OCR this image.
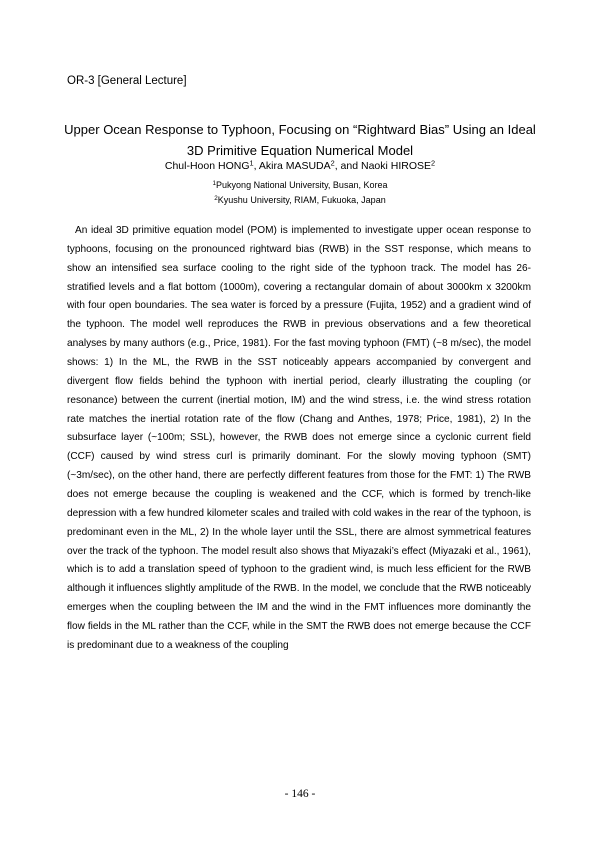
OR-3 [General Lecture]
Upper Ocean Response to Typhoon, Focusing on “Rightward Bias” Using an Ideal
3D Primitive Equation Numerical Model
Chul-Hoon HONG$^1$, Akira MASUDA$^2$, and Naoki HIROSE$^2$
$^1$Pukyong National University, Busan, Korea
$^2$Kyushu University, RIAM, Fukuoka, Japan

An ideal 3D primitive equation model (POM) is implemented to investigate upper ocean response to typhoons, focusing on the pronounced rightward bias (RWB) in the SST response, which means to show an intensified sea surface cooling to the right side of the typhoon track. The model has 26-stratified levels and a flat bottom (1000m), covering a rectangular domain of about 3000km x 3200km with four open boundaries. The sea water is forced by a pressure (Fujita, 1952) and a gradient wind of the typhoon. The model well reproduces the RWB in previous observations and a few theoretical analyses by many authors (e.g., Price, 1981). For the fast moving typhoon (FMT) (~8 m/sec), the model shows: 1) In the ML, the RWB in the SST noticeably appears accompanied by convergent and divergent flow fields behind the typhoon with inertial period, clearly illustrating the coupling (or resonance) between the current (inertial motion, IM) and the wind stress, i.e. the wind stress rotation rate matches the inertial rotation rate of the flow (Chang and Anthes, 1978; Price, 1981), 2) In the subsurface layer (~100m; SSL), however, the RWB does not emerge since a cyclonic current field (CCF) caused by wind stress curl is primarily dominant. For the slowly moving typhoon (SMT) (~3m/sec), on the other hand, there are perfectly different features from those for the FMT: 1) The RWB does not emerge because the coupling is weakened and the CCF, which is formed by trench-like depression with a few hundred kilometer scales and trailed with cold wakes in the rear of the typhoon, is predominant even in the ML, 2) In the whole layer until the SSL, there are almost symmetrical features over the track of the typhoon. The model result also shows that Miyazaki’s effect (Miyazaki et al., 1961), which is to add a translation speed of typhoon to the gradient wind, is much less efficient for the RWB although it influences slightly amplitude of the RWB. In the model, we conclude that the RWB noticeably emerges when the coupling between the IM and the wind in the FMT influences more dominantly the flow fields in the ML rather than the CCF, while in the SMT the RWB does not emerge because the CCF is predominant due to a weakness of the coupling

- 146 -
